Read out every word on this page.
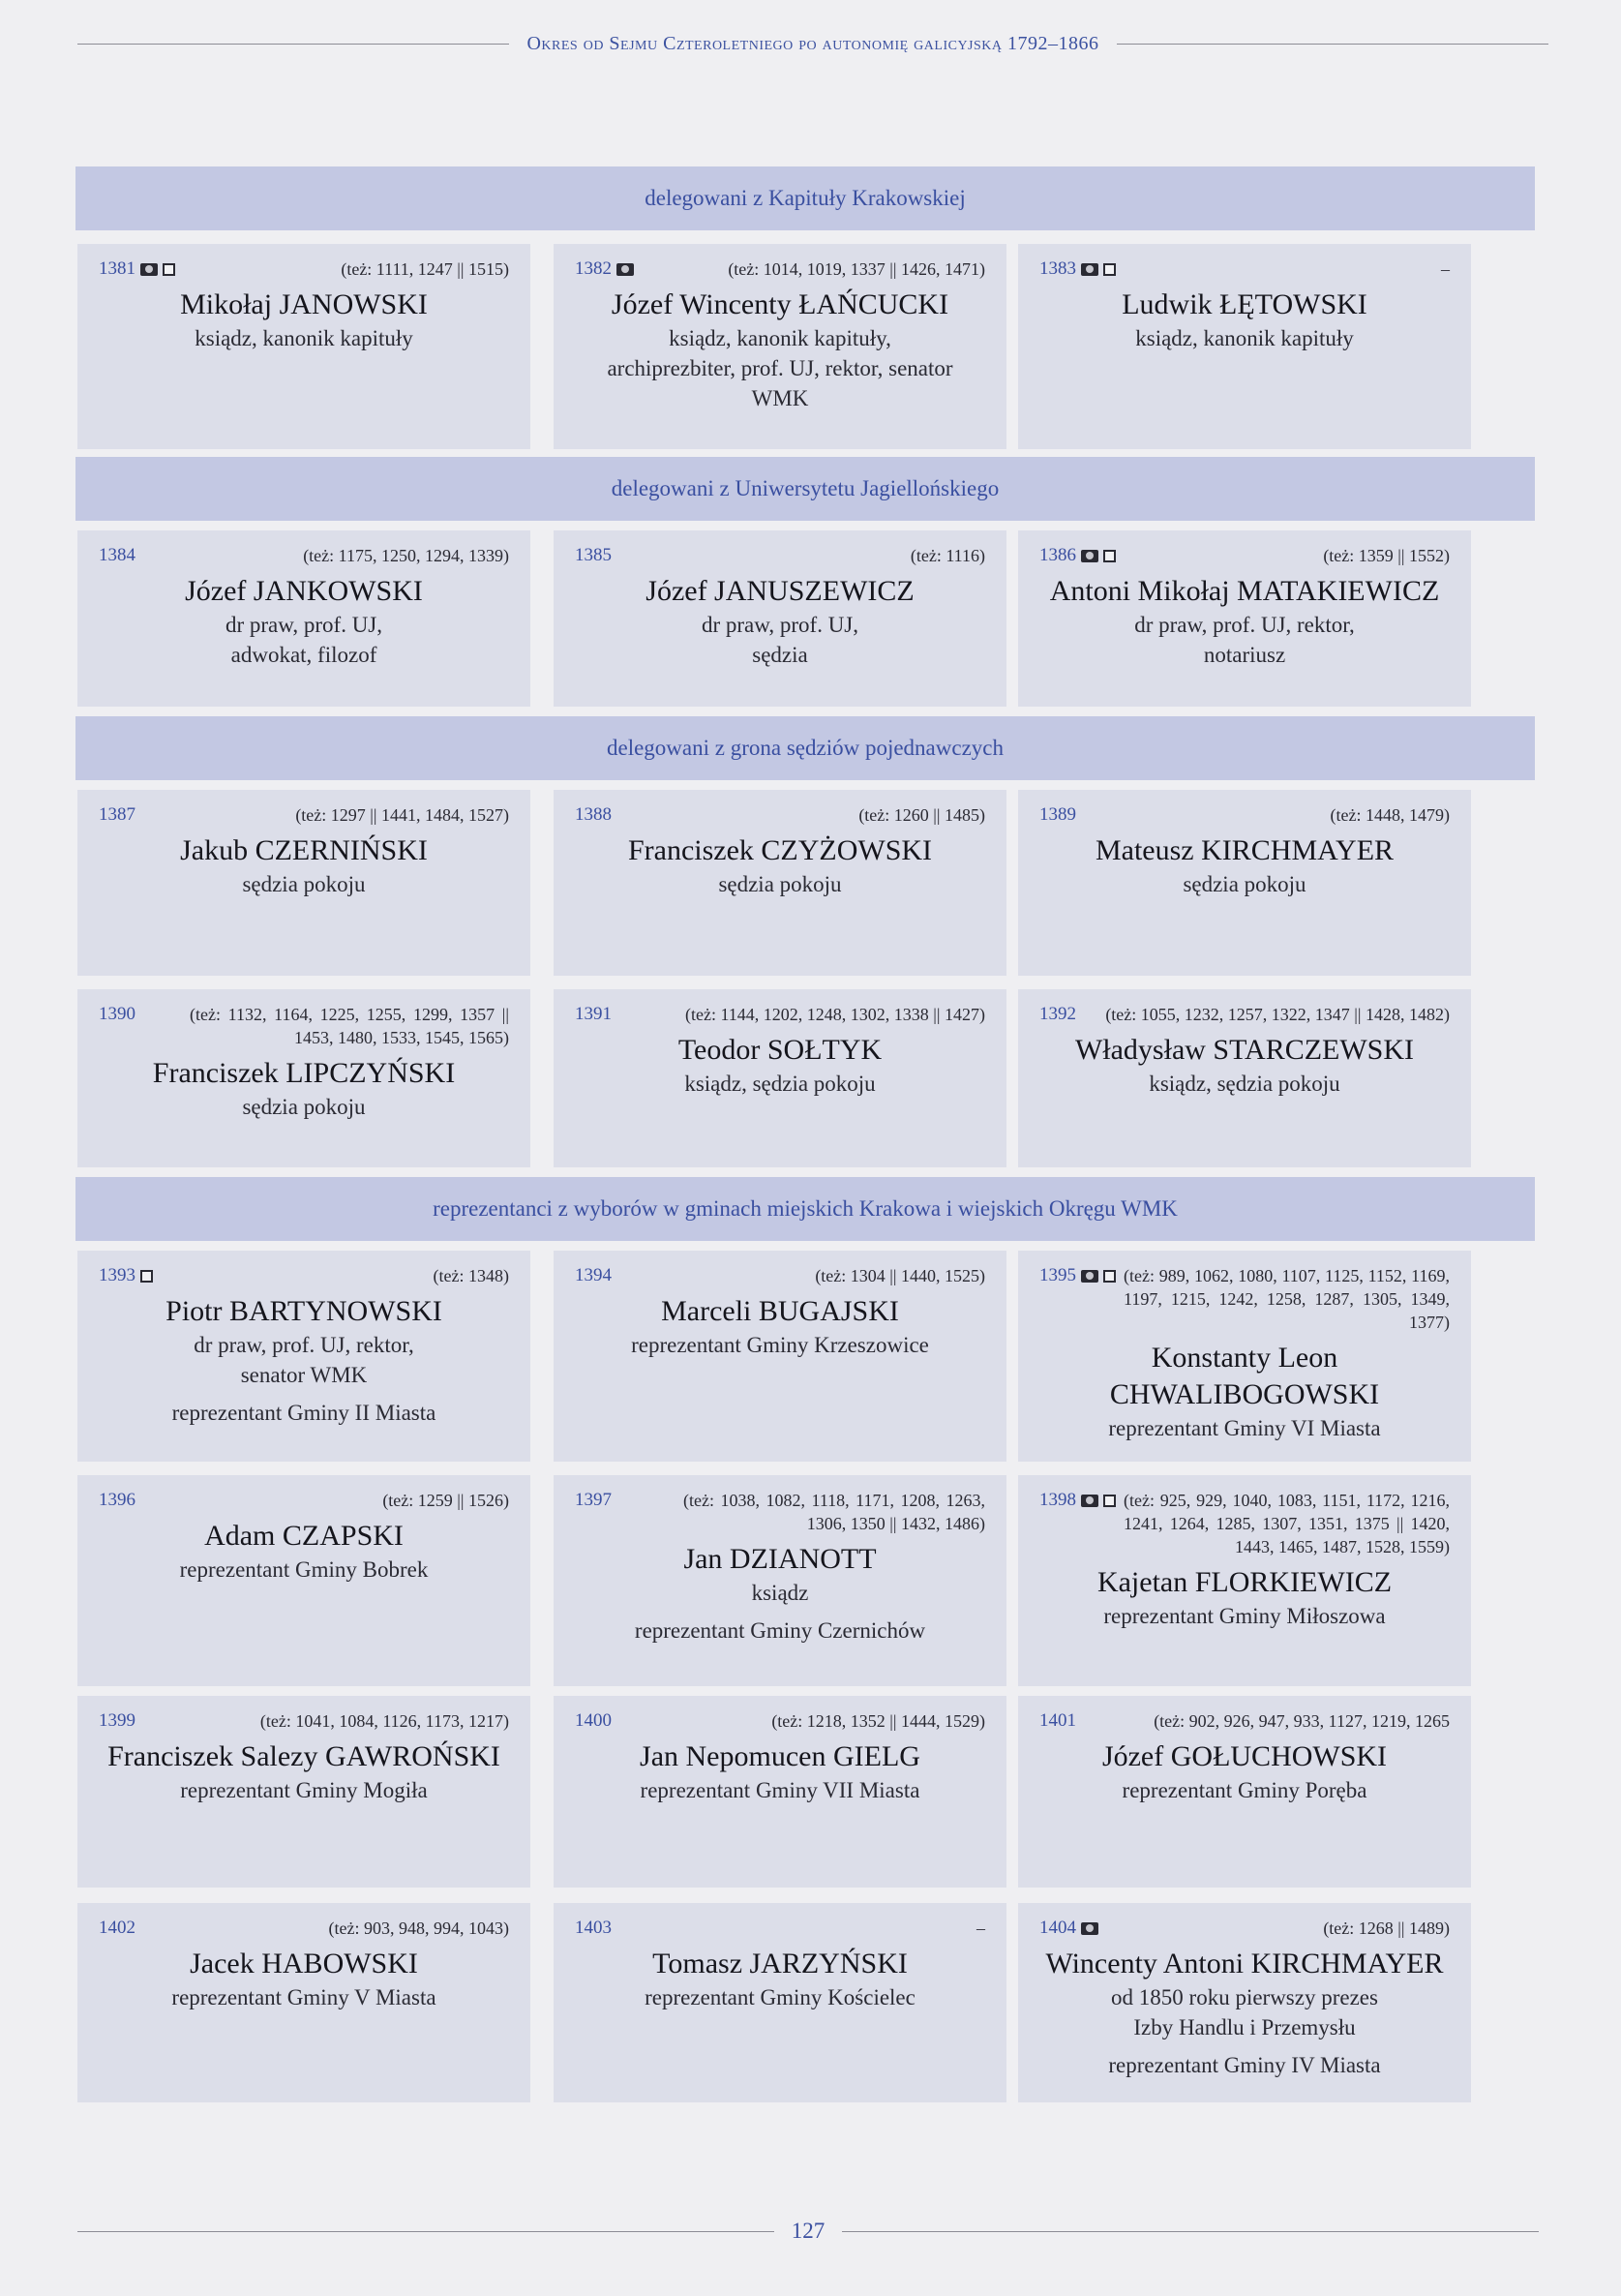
Okres od Sejmu Czteroletniego po autonomię galicyjską 1792–1866
delegowani z Kapituły Krakowskiej
delegowani z Uniwersytetu Jagiellońskiego
delegowani z grona sędziów pojednawczych
reprezentanci z wyborów w gminach miejskich Krakowa i wiejskich Okręgu WMK
1381	(też: 1111, 1247 || 1515)
Mikołaj JANOWSKI
ksiądz, kanonik kapituły
1382	(też: 1014, 1019, 1337 || 1426, 1471)
Józef Wincenty ŁAŃCUCKI
ksiądz, kanonik kapituły,
archiprezbiter, prof. UJ, rektor, senator
WMK
1383	–
Ludwik ŁĘTOWSKI
ksiądz, kanonik kapituły
1384	(też: 1175, 1250, 1294, 1339)
Józef JANKOWSKI
dr praw, prof. UJ,
adwokat, filozof
1385	(też: 1116)
Józef JANUSZEWICZ
dr praw, prof. UJ,
sędzia
1386	(też: 1359 || 1552)
Antoni Mikołaj MATAKIEWICZ
dr praw, prof. UJ, rektor,
notariusz
1387	(też: 1297 || 1441, 1484, 1527)
Jakub CZERNIŃSKI
sędzia pokoju
1388	(też: 1260 || 1485)
Franciszek CZYŻOWSKI
sędzia pokoju
1389	(też: 1448, 1479)
Mateusz KIRCHMAYER
sędzia pokoju
1390	(też: 1132, 1164, 1225, 1255, 1299, 1357 || 1453, 1480, 1533, 1545, 1565)
Franciszek LIPCZYŃSKI
sędzia pokoju
1391	(też: 1144, 1202, 1248, 1302, 1338 || 1427)
Teodor SOŁTYK
ksiądz, sędzia pokoju
1392 (też: 1055, 1232, 1257, 1322, 1347 || 1428, 1482)
Władysław STARCZEWSKI
ksiądz, sędzia pokoju
1393	(też: 1348)
Piotr BARTYNOWSKI
dr praw, prof. UJ, rektor,
senator WMK
reprezentant Gminy II Miasta
1394	(też: 1304 || 1440, 1525)
Marceli BUGAJSKI
reprezentant Gminy Krzeszowice
1395	(też: 989, 1062, 1080, 1107, 1125, 1152, 1169, 1197, 1215, 1242, 1258, 1287, 1305, 1349, 1377)
Konstanty Leon CHWALIBOGOWSKI
reprezentant Gminy VI Miasta
1396	(też: 1259 || 1526)
Adam CZAPSKI
reprezentant Gminy Bobrek
1397	(też: 1038, 1082, 1118, 1171, 1208, 1263, 1306, 1350 || 1432, 1486)
Jan DZIANOTT
ksiądz
reprezentant Gminy Czernichów
1398	(też: 925, 929, 1040, 1083, 1151, 1172, 1216, 1241, 1264, 1285, 1307, 1351, 1375 || 1420, 1443, 1465, 1487, 1528, 1559)
Kajetan FLORKIEWICZ
reprezentant Gminy Miłoszowa
1399	(też: 1041, 1084, 1126, 1173, 1217)
Franciszek Salezy GAWROŃSKI
reprezentant Gminy Mogiła
1400	(też: 1218, 1352 || 1444, 1529)
Jan Nepomucen GIELG
reprezentant Gminy VII Miasta
1401	(też: 902, 926, 947, 933, 1127, 1219, 1265
Józef GOŁUCHOWSKI
reprezentant Gminy Poręba
1402	(też: 903, 948, 994, 1043)
Jacek HABOWSKI
reprezentant Gminy V Miasta
1403	–
Tomasz JARZYŃSKI
reprezentant Gminy Kościelec
1404	(też: 1268 || 1489)
Wincenty Antoni KIRCHMAYER
od 1850 roku pierwszy prezes
Izby Handlu i Przemysłu
reprezentant Gminy IV Miasta
127
